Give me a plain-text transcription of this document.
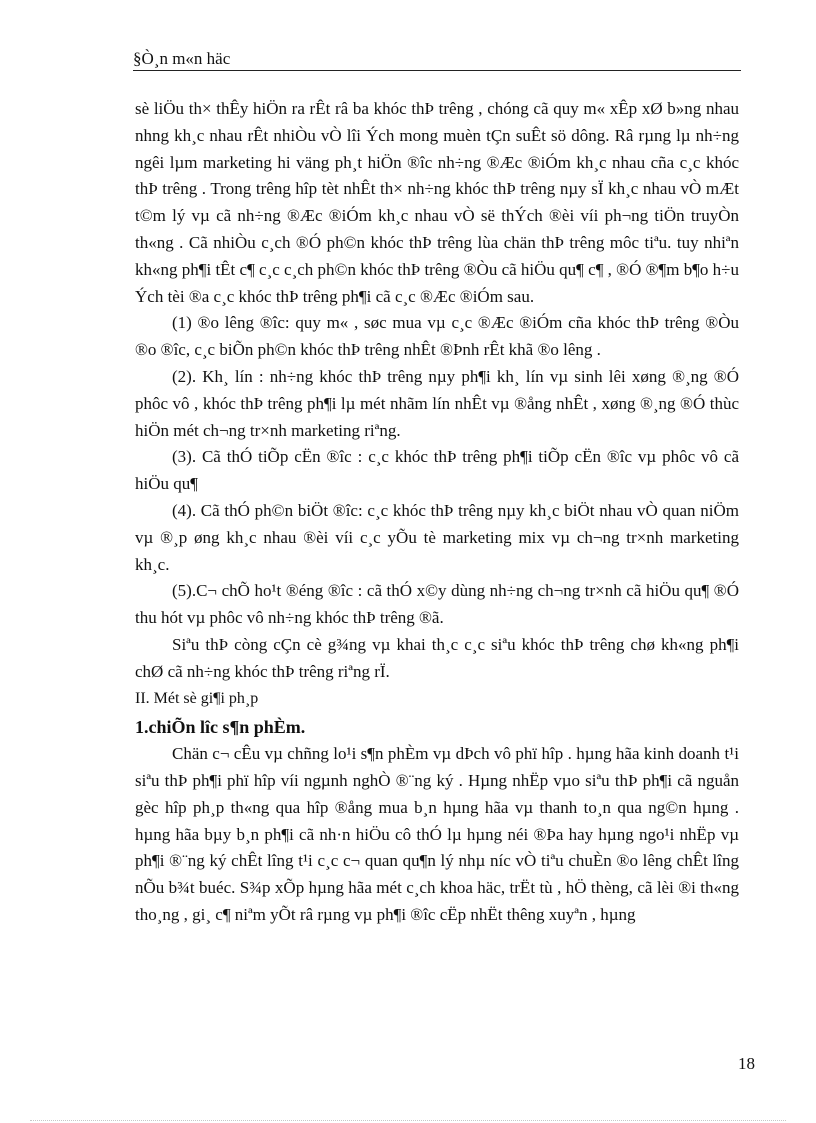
§Ò¸n m«n häc

sè liÖu th× thÊy hiÖn ra rÊt râ ba khóc thÞ trêng , chóng cã quy m« xÊp xØ b»ng nhau nhng kh¸c nhau rÊt nhiÒu vÒ lîi Ých mong muèn tÇn suÊt sö dông. Râ rµng lµ nh÷ng ngêi lµm marketing hi väng ph¸t hiÖn ®îc nh÷ng ®Æc ®iÓm kh¸c nhau cña c¸c khóc thÞ trêng . Trong trêng hîp tèt nhÊt th× nh÷ng khóc thÞ trêng nµy sÏ kh¸c nhau vÒ mÆt t©m lý vµ cã nh÷ng ®Æc ®iÓm kh¸c nhau vÒ së thÝch ®èi víi ph¬ng tiÖn truyÒn th«ng . Cã nhiÒu c¸ch ®Ó ph©n khóc thÞ trêng lùa chän thÞ trêng môc tiªu. tuy nhiªn kh«ng ph¶i tÊt c¶ c¸c c¸ch ph©n khóc thÞ trêng ®Òu cã hiÖu qu¶ c¶ , ®Ó ®¶m b¶o h÷u Ých tèi ®a c¸c khóc thÞ trêng ph¶i cã c¸c ®Æc ®iÓm sau.

(1) ®o lêng ®îc: quy m« , søc mua vµ c¸c ®Æc ®iÓm cña khóc thÞ trêng ®Òu ®o ®îc, c¸c biÕn ph©n khóc thÞ trêng nhÊt ®Þnh rÊt khã ®o lêng .

(2). Kh¸ lín : nh÷ng khóc thÞ trêng nµy ph¶i kh¸ lín vµ sinh lêi xøng ®¸ng ®Ó phôc vô , khóc thÞ trêng ph¶i lµ mét nhãm lín nhÊt vµ ®ång nhÊt , xøng ®¸ng ®Ó thùc hiÖn mét ch¬ng tr×nh marketing riªng.

(3). Cã thÓ tiÕp cËn ®îc : c¸c khóc thÞ trêng ph¶i tiÕp cËn ®îc vµ phôc vô cã hiÖu qu¶

(4). Cã thÓ ph©n biÖt ®îc: c¸c khóc thÞ trêng nµy kh¸c biÖt nhau vÒ quan niÖm vµ ®¸p øng kh¸c nhau ®èi víi c¸c yÕu tè marketing mix vµ ch¬ng tr×nh marketing kh¸c.

(5).C¬ chÕ ho¹t ®éng ®îc : cã thÓ x©y dùng nh÷ng ch¬ng tr×nh cã hiÖu qu¶ ®Ó thu hót vµ phôc vô nh÷ng khóc thÞ trêng ®ã.

Siªu thÞ còng cÇn cè g¾ng vµ khai th¸c c¸c siªu khóc thÞ trêng chø kh«ng ph¶i chØ cã nh÷ng khóc thÞ trêng riªng rÏ.

II. Mét sè gi¶i ph¸p

1.chiÕn lîc s¶n phÈm.

Chän c¬ cÊu vµ chñng lo¹i s¶n phÈm vµ dÞch vô phï hîp . hµng hãa kinh doanh t¹i siªu thÞ ph¶i phï hîp víi ngµnh nghÒ ®¨ng ký . Hµng nhËp vµo siªu thÞ ph¶i cã nguån gèc hîp ph¸p th«ng qua hîp ®ång mua b¸n hµng hãa vµ thanh to¸n qua ng©n hµng . hµng hãa bµy b¸n ph¶i cã nh·n hiÖu cô thÓ lµ hµng néi ®Þa hay hµng ngo¹i nhËp vµ ph¶i ®¨ng ký chÊt lîng t¹i c¸c c¬ quan qu¶n lý nhµ níc vÒ tiªu chuÈn ®o lêng chÊt lîng nÕu b¾t buéc. S¾p xÕp hµng hãa mét c¸ch khoa häc, trËt tù , hÖ thèng, cã lèi ®i th«ng tho¸ng , gi¸ c¶ niªm yÕt râ rµng vµ ph¶i ®îc cËp nhËt thêng xuyªn , hµng

18
